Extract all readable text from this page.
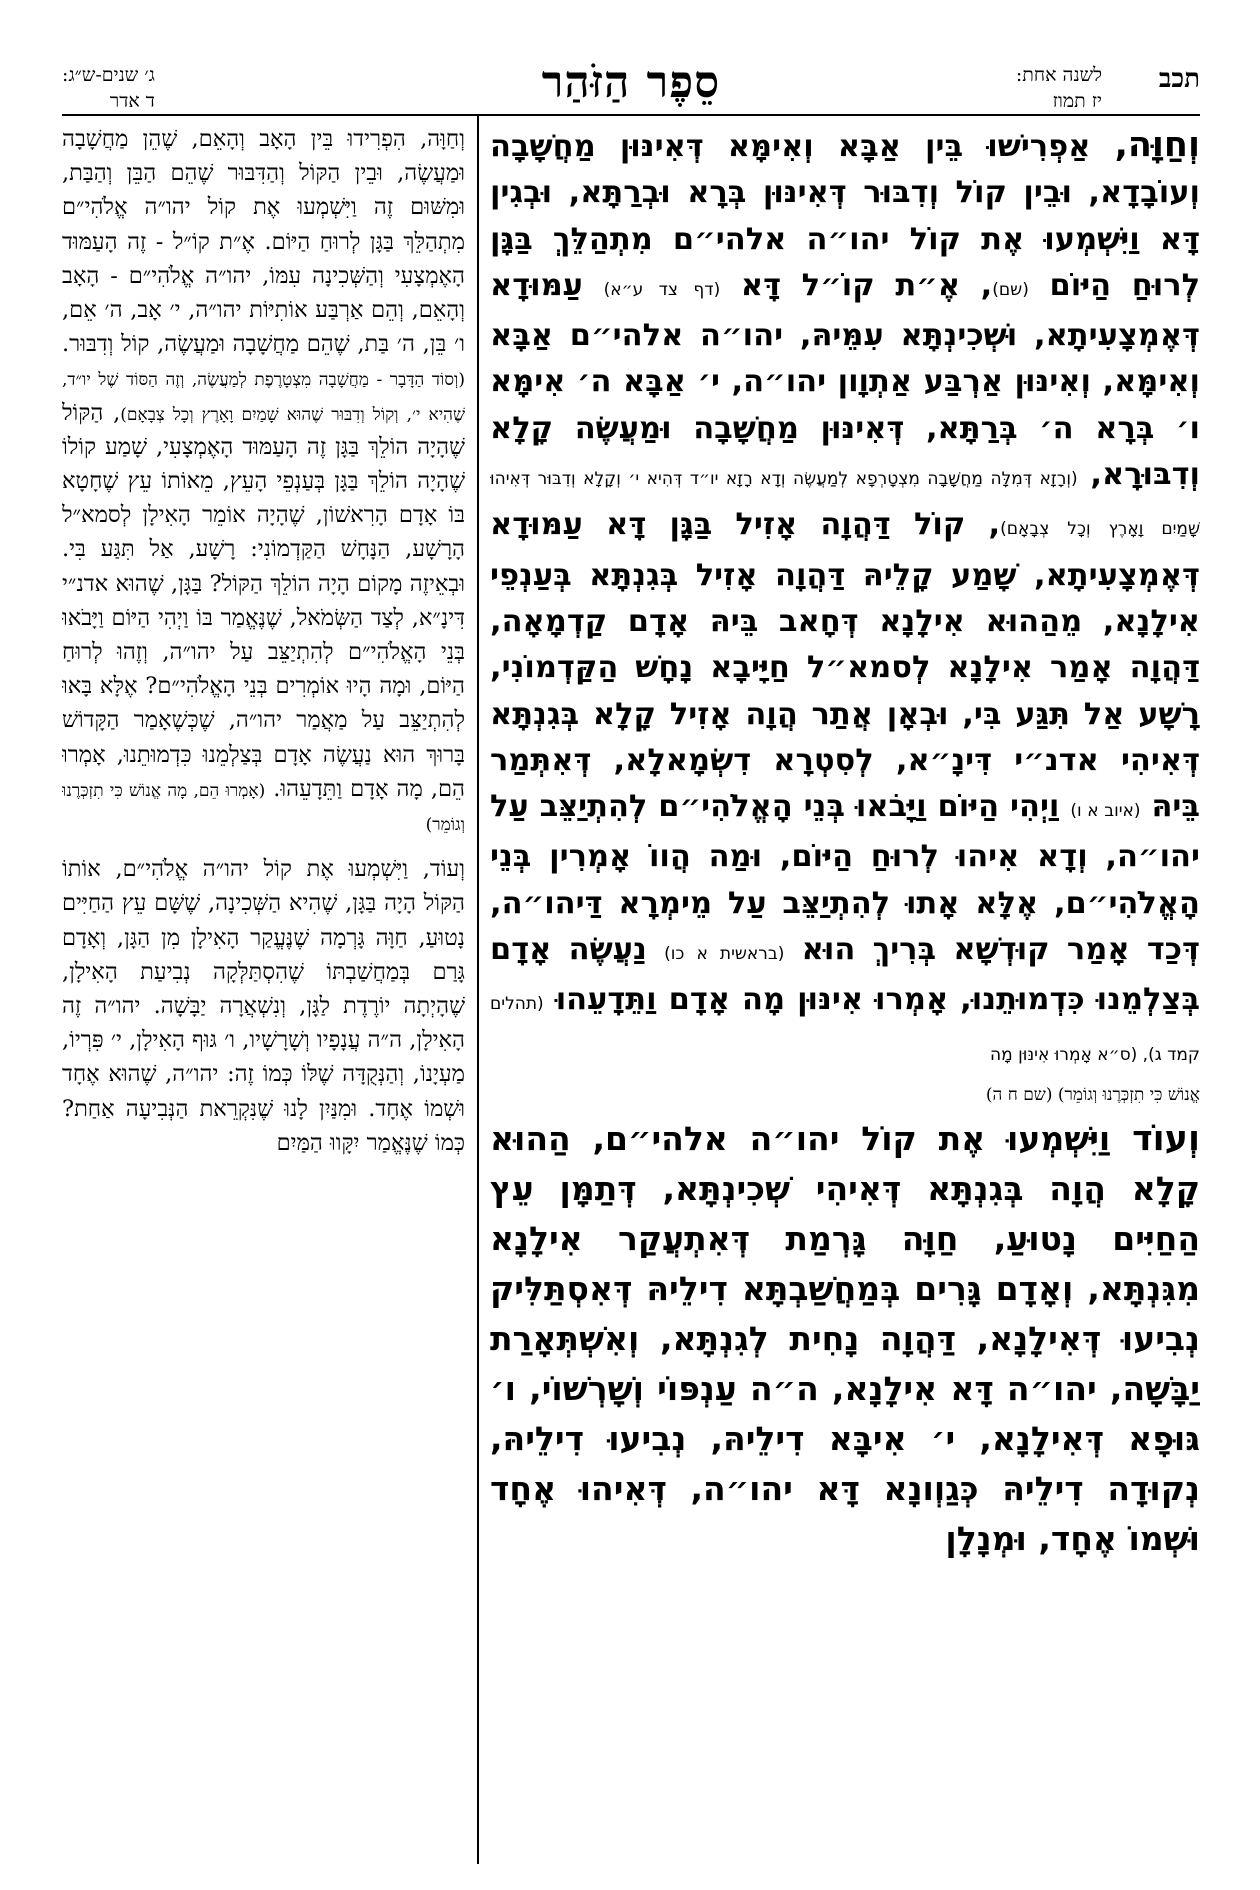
תכב
לשנה אחת:
יז תמוז
סֵפֶר הַזֹּהַר
ג׳ שנים-ש״ג:
ד אדר

וְחַוָּה, אַפְרִישׁוּ בֵּין אַבָּא וְאִימָּא דְּאִינּוּן מַחֲשָׁבָה וְעוֹבָדָא, וּבֵין קוֹל וְדִבּוּר דְּאִינּוּן בְּרָא וּבְרַתָּא, וּבְגִין דָּא וַיִּשְׁמְעוּ אֶת קוֹל יהו״ה אלהי״ם מִתְהַלֵּךְ בַּגָּן לְרוּחַ הַיּוֹם (שם), אֶ״ת קוֹ״ל דָּא (דף צד ע״א) עַמּוּדָא דְּאֶמְצָעִיתָא, וּשְׁכִינְתָּא עִמֵּיהּ, יהו״ה אלהי״ם אַבָּא וְאִימָּא, וְאִינּוּן אַרְבַּע אַתְוָון יהו״ה, י׳ אַבָּא ה׳ אִימָּא ו׳ בְּרָא ה׳ בְּרַתָּא, דְּאִינּוּן מַחֲשָׁבָה וּמַעֲשֶׂה קָלָא וְדִבּוּרָא, (וְרָזָא דְּמִלָּה מַחֲשָׁבָה מִצְטָרְפָא לְמַעֲשֶׂה וְדָא רָזָא יו״ד דְּהִיא י׳ וְקָלָא וְדִבּוּר דְּאִיהוּ שָׁמַיִם וָאָרֶץ וְכָל צְבָאָם), קוֹל דַּהֲוָה אָזִיל בַּגָּן דָּא עַמּוּדָא דְּאֶמְצָעִיתָא, שָׁמַע קָלֵיהּ דַּהֲוָה אָזִיל בְּגִנְתָּא בְּעַנְפֵי אִילָנָא, מֵהַהוּא אִילָנָא דְּחָאב בֵּיהּ אָדָם קַדְמָאָה, דַּהֲוָה אָמַר אִילָנָא לְסמא״ל חַיָּיבָא נָחָשׁ הַקַּדְמוֹנִי, רָשָׁע אַל תִּגַּע בִּי, וּבְאָן אֲתַר הֲוָה אָזִיל קָלָא בְּגִנְתָּא דְּאִיהִי אדנ״י דִּינָ״א, לְסִטְרָא דִשְׂמָאלָא, דְּאִתְּמַר בֵּיהּ (איוב א ו) וַיְהִי הַיּוֹם וַיָּבֹאוּ בְּנֵי הָאֱלֹהִי״ם לְהִתְיַצֵּב עַל יהו״ה, וְדָא אִיהוּ לְרוּחַ הַיּוֹם, וּמַה הֲווֹ אָמְרִין בְּנֵי הָאֱלֹהִי״ם, אֶלָּא אָתוּ לְהִתְיַצֵּב עַל מֵימְרָא דַּיהו״ה, דְּכַד אָמַר קוּדְשָׁא בְּרִיךְ הוּא (בראשית א כו) נַעֲשֶׂה אָדָם בְּצַלְמֵנוּ כִּדְמוּתֵנוּ, אָמְרוּ אִינּוּן מָה אָדָם וַתֵּדָעֵהוּ (תהלים קמד ג), (ס״א אָמְרוּ אִינּוּן מָה

אֱנוֹשׁ כִּי תִזְכְּרֶנוּ וְגוֹמֵר) (שם ח ה)

וְעוֹד וַיִּשְׁמְעוּ אֶת קוֹל יהו״ה אלהי״ם, הַהוּא קָלָא הֲוָה בְּגִנְתָּא דְּאִיהִי שְׁכִינְתָּא, דְּתַמָּן עֵץ הַחַיִּים נָטוּעַ, חַוָּה גָּרְמַת דְּאִתְעֲקַר אִילָנָא מִגִּנְתָּא, וְאָדָם גָּרִים בְּמַחֲשַׁבְתָּא דִילֵיהּ דְּאִסְתַּלִּיק נְבִיעוּ דְּאִילָנָא, דַּהֲוָה נָחִית לְגִנְתָּא, וְאִשְׁתְּאָרַת יַבָּשָׁה, יהו״ה דָּא אִילָנָא, ה״ה עַנְפּוֹי וְשָׁרְשׁוֹי, ו׳ גּוּפָא דְּאִילָנָא, י׳ אִיבָּא דִילֵיהּ, נְבִיעוּ דִילֵיהּ, נְקוּדָה דִילֵיהּ כְּגַוְונָא דָּא יהו״ה, דְּאִיהוּ אֶחָד וּשְׁמוֹ אֶחָד, וּמְנָלָן

וְחַוָּה, הִפְרִידוּ בֵּין הָאָב וְהָאֵם, שֶׁהֵן מַחֲשָׁבָה וּמַעֲשֶׂה, וּבֵין הַקּוֹל וְהַדִּבּוּר שֶׁהֵם הַבֵּן וְהַבַּת, וּמִשּׁוּם זֶה וַיִּשְׁמְעוּ אֶת קוֹל יהו״ה אֱלֹהִי״ם מִתְהַלֵּךְ בַּגָּן לְרוּחַ הַיּוֹם. אֶ״ת קוֹ״ל - זֶה הָעַמּוּד הָאֶמְצָעִי וְהַשְּׁכִינָה עִמּוֹ, יהו״ה אֱלֹהִי״ם - הָאָב וְהָאֵם, וְהֵם אַרְבַּע אוֹתִיּוֹת יהו״ה, י׳ אָב, ה׳ אֵם, ו׳ בֵּן, ה׳ בַּת, שֶׁהֵם מַחֲשָׁבָה וּמַעֲשֶׂה, קוֹל וְדִבּוּר. (וְסוֹד הַדָּבָר - מַחֲשָׁבָה מִצְטָרֶפֶת לְמַעֲשֶׂה, וְזֶה הַסּוֹד שֶׁל יו״ד, שֶׁהִיא י׳, וְקוֹל וְדִבּוּר שֶׁהוּא שָׁמַיִם וָאָרֶץ וְכָל צְבָאָם), הַקּוֹל שֶׁהָיָה הוֹלֵךְ בַּגָּן זֶה הָעַמּוּד הָאֶמְצָעִי, שָׁמַע קוֹלוֹ שֶׁהָיָה הוֹלֵךְ בַּגָּן בְּעַנְפֵי הָעֵץ, מֵאוֹתוֹ עֵץ שֶׁחָטָא בּוֹ אָדָם הָרִאשׁוֹן, שֶׁהָיָה אוֹמֵר הָאִילָן לְסמא״ל הָרָשָׁע, הַנָּחָשׁ הַקַּדְמוֹנִי: רָשָׁע, אַל תִּגַּע בִּי. וּבְאֵיזֶה מָקוֹם הָיָה הוֹלֵךְ הַקּוֹל? בַּגָּן, שֶׁהוּא אדנ״י דִּינָ״א, לְצַד הַשְּׂמֹאל, שֶׁנֶּאֱמַר בּוֹ וַיְהִי הַיּוֹם וַיָּבֹאוּ בְּנֵי הָאֱלֹהִי״ם לְהִתְיַצֵּב עַל יהו״ה, וְזֶהוּ לְרוּחַ הַיּוֹם, וּמָה הָיוּ אוֹמְרִים בְּנֵי הָאֱלֹהִי״ם? אֶלָּא בָּאוּ לְהִתְיַצֵּב עַל מַאֲמַר יהו״ה, שֶׁכְּשֶׁאָמַר הַקָּדוֹשׁ בָּרוּךְ הוּא נַעֲשֶׂה אָדָם בְּצַלְמֵנוּ כִּדְמוּתֵנוּ, אָמְרוּ הֵם, מָה אָדָם וַתֵּדָעֵהוּ. (אָמְרוּ הֵם, מָה אֱנוֹשׁ כִּי תִזְכְּרֶנוּ וְגוֹמֵר)

וְעוֹד, וַיִּשְׁמְעוּ אֶת קוֹל יהו״ה אֱלֹהִי״ם, אוֹתוֹ הַקּוֹל הָיָה בַּגָּן, שֶׁהִיא הַשְּׁכִינָה, שֶׁשָּׁם עֵץ הַחַיִּים נָטוּעַ, חַוָּה גָּרְמָה שֶׁנֶּעֱקַר הָאִילָן מִן הַגָּן, וְאָדָם גָּרַם בְּמַחֲשַׁבְתּוֹ שֶׁהִסְתַּלְּקָה נְבִיעַת הָאִילָן, שֶׁהָיְתָה יוֹרֶדֶת לַגָּן, וְנִשְׁאֲרָה יַבָּשָׁה. יהו״ה זֶה הָאִילָן, ה״ה עֲנָפָיו וְשָׁרָשָׁיו, ו׳ גּוּף הָאִילָן, י׳ פִּרְיוֹ, מַעְיָנוֹ, וְהַנְּקֻדָּה שֶׁלּוֹ כְּמוֹ זֶה: יהו״ה, שֶׁהוּא אֶחָד וּשְׁמוֹ אֶחָד. וּמִנַּיִן לָנוּ שֶׁנִּקְרֵאת הַנְּבִיעָה אַחַת? כְּמוֹ שֶׁנֶּאֱמַר יִקָּווּ הַמַּיִם
